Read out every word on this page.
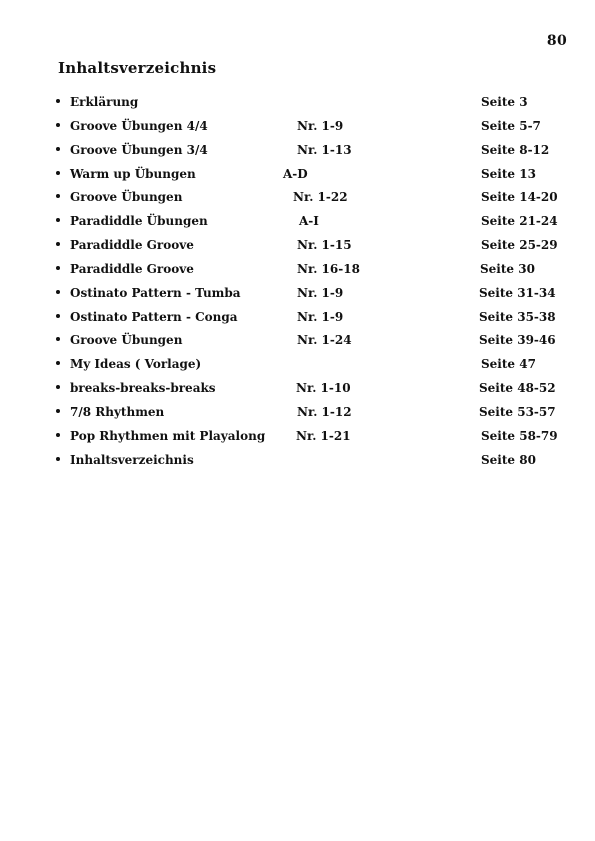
80
Inhaltsverzeichnis
Erklärung	Seite 3
Groove Übungen 4/4	Nr. 1-9	Seite 5-7
Groove Übungen 3/4	Nr. 1-13	Seite 8-12
Warm up Übungen	A-D	Seite 13
Groove Übungen	Nr. 1-22	Seite 14-20
Paradiddle Übungen	A-I	Seite 21-24
Paradiddle Groove	Nr. 1-15	Seite 25-29
Paradiddle Groove	Nr. 16-18	Seite 30
Ostinato Pattern - Tumba	Nr. 1-9	Seite 31-34
Ostinato Pattern - Conga	Nr. 1-9	Seite 35-38
Groove Übungen	Nr. 1-24	Seite 39-46
My Ideas ( Vorlage)	Seite 47
breaks-breaks-breaks	Nr. 1-10	Seite 48-52
7/8 Rhythmen	Nr. 1-12	Seite 53-57
Pop Rhythmen mit Playalong	Nr. 1-21	Seite 58-79
Inhaltsverzeichnis	Seite 80
